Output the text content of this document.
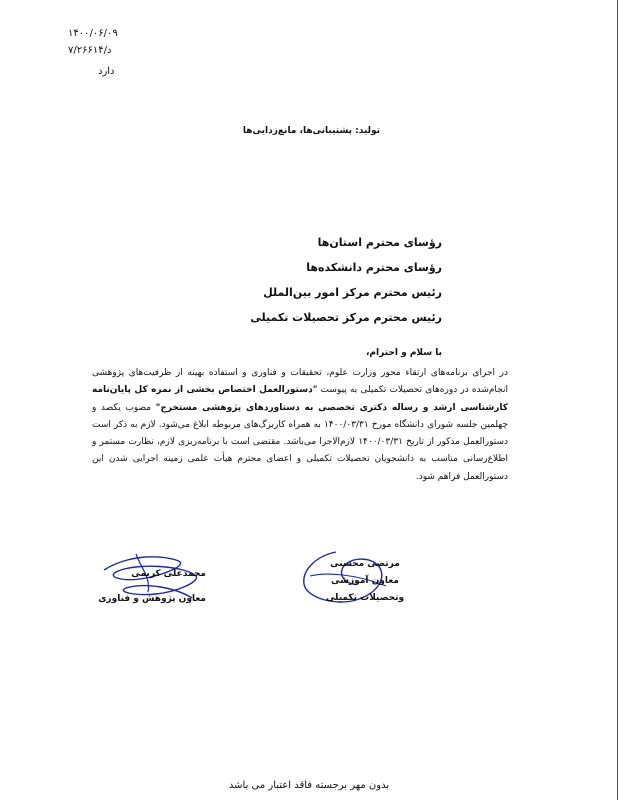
۱۴۰۰/۰۶/۰۹
د/۷/۲۶۶۱۴
دارد
تولید: پشتیبانی‌ها، مانع‌زدایی‌ها
رؤسای محترم استان‌ها
رؤسای محترم دانشکده‌ها
رئیس محترم مرکز امور بین‌الملل
رئیس محترم مرکز تحصیلات تکمیلی
با سلام و احترام،
در اجرای برنامه‌های ارتقاء محور وزارت علوم، تحقیقات و فناوری و استفاده بهینه از ظرفیت‌های پژوهشی انجام‌شده در دوره‌های تحصیلات تکمیلی به پیوست "دستورالعمل اختصاص بخشی از نمره کل پایان‌نامه کارشناسی ارشد و رساله دکتری تخصصی به دستاوردهای پژوهشی مستخرج" مصوب یکصد و چهلمین جلسه شورای دانشگاه مورخ ۱۴۰۰/۰۳/۳۱ به همراه کاربرگ‌های مربوطه ابلاغ می‌شود. لازم به ذکر است دستورالعمل مذکور از تاریخ ۱۴۰۰/۰۳/۳۱ لازم‌الاجرا می‌باشد. مقتضی است با برنامه‌ریزی لازم، نظارت مستمر و اطلاع‌رسانی مناسب به دانشجویان تحصیلات تکمیلی و اعضای محترم هیأت علمی زمینه اجرایی شدن این دستورالعمل فراهم شود.
محمدعلی کریمی
معاون پژوهش و فناوری
مرتضی محسنی
معاون آموزشی
وتحصیلات تکمیلی
بدون مهر برجسته فاقد اعتبار می باشد
